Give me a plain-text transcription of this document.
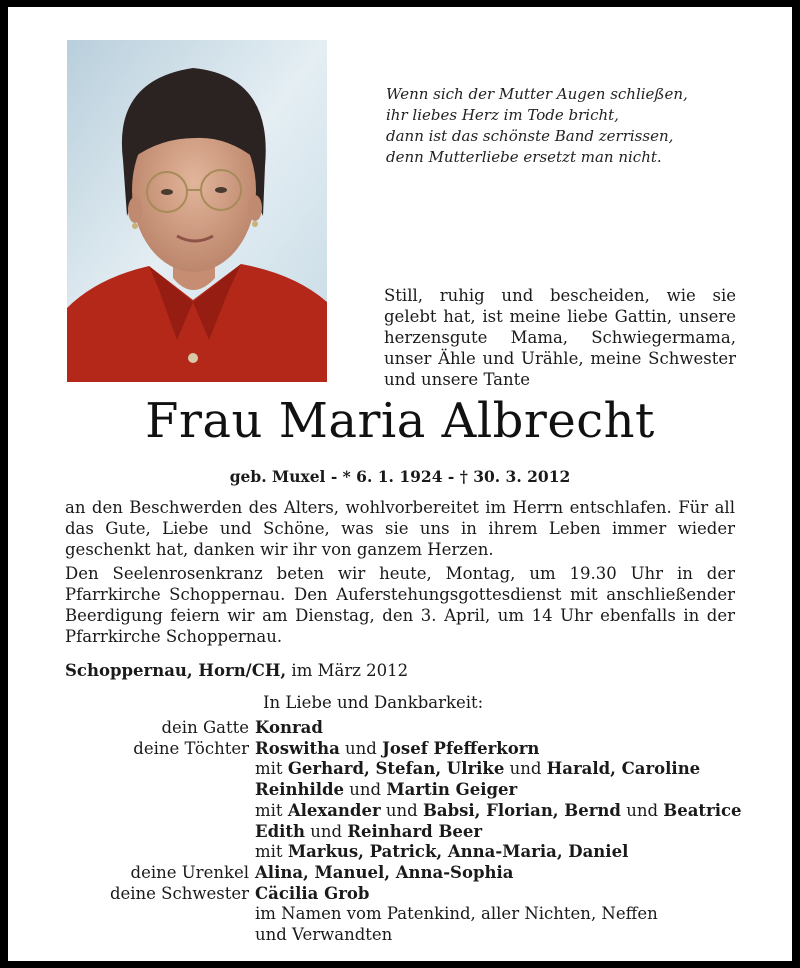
Wenn sich der Mutter Augen schließen,
ihr liebes Herz im Tode bricht,
dann ist das schönste Band zerrissen,
denn Mutterliebe ersetzt man nicht.
Still, ruhig und bescheiden, wie sie gelebt hat, ist meine liebe Gattin, unsere herzensgute Mama, Schwiegermama, unser Ähle und Urähle, meine Schwester und unsere Tante
Frau Maria Albrecht
geb. Muxel - * 6. 1. 1924 - † 30. 3. 2012
an den Beschwerden des Alters, wohlvorbereitet im Herrn entschlafen. Für all das Gute, Liebe und Schöne, was sie uns in ihrem Leben immer wieder geschenkt hat, danken wir ihr von ganzem Herzen.
Den Seelenrosenkranz beten wir heute, Montag, um 19.30 Uhr in der Pfarrkirche Schoppernau. Den Auferstehungsgottesdienst mit anschließender Beerdigung feiern wir am Dienstag, den 3. April, um 14 Uhr ebenfalls in der Pfarrkirche Schoppernau.
Schoppernau, Horn/CH, im März 2012
In Liebe und Dankbarkeit:
dein Gatte Konrad
deine Töchter Roswitha und Josef Pfefferkorn
mit Gerhard, Stefan, Ulrike und Harald, Caroline
Reinhilde und Martin Geiger
mit Alexander und Babsi, Florian, Bernd und Beatrice
Edith und Reinhard Beer
mit Markus, Patrick, Anna-Maria, Daniel
deine Urenkel Alina, Manuel, Anna-Sophia
deine Schwester Cäcilia Grob
im Namen vom Patenkind, aller Nichten, Neffen
und Verwandten
